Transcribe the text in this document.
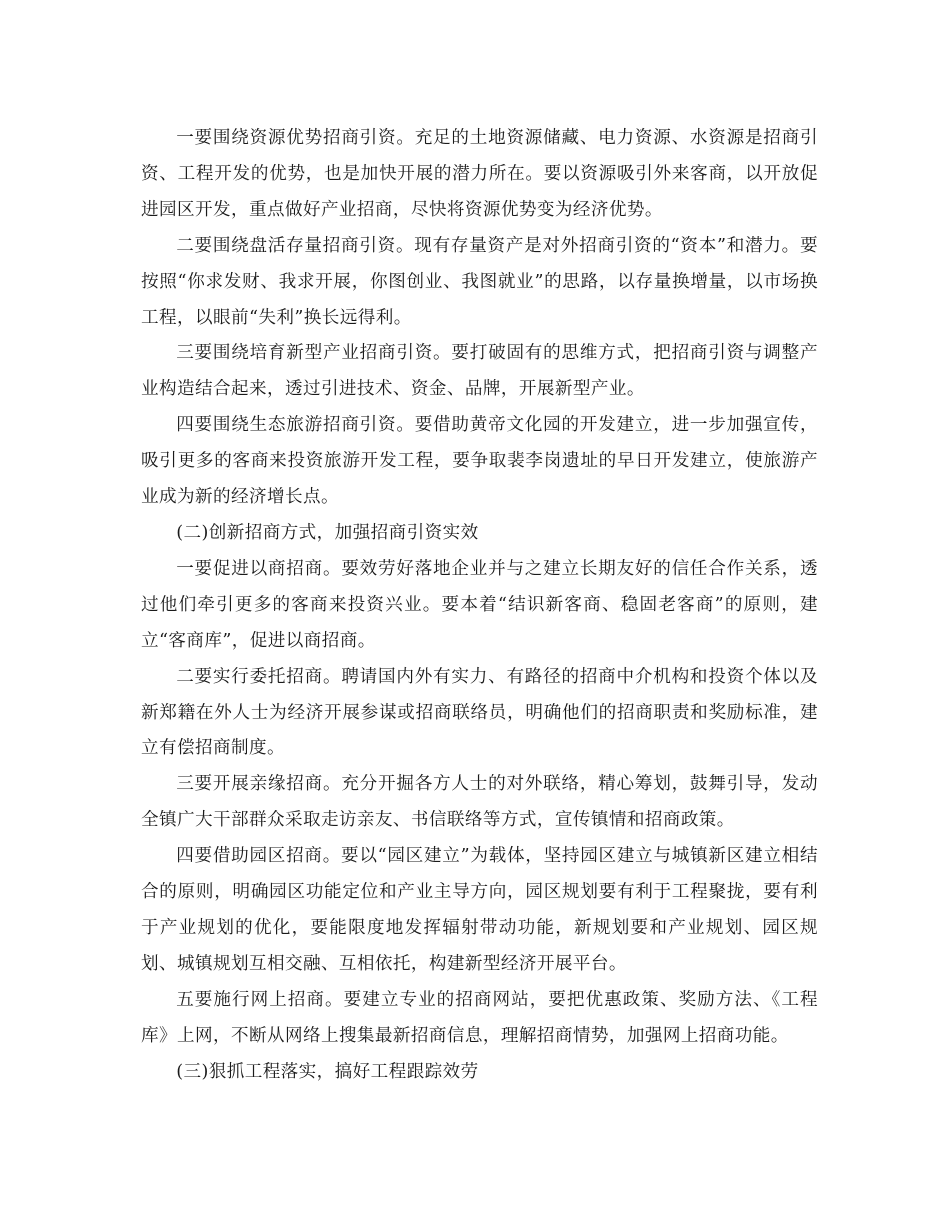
一要围绕资源优势招商引资。充足的土地资源储藏、电力资源、水资源是招商引资、工程开发的优势，也是加快开展的潜力所在。要以资源吸引外来客商，以开放促进园区开发，重点做好产业招商，尽快将资源优势变为经济优势。

二要围绕盘活存量招商引资。现有存量资产是对外招商引资的“资本”和潜力。要按照“你求发财、我求开展，你图创业、我图就业”的思路，以存量换增量，以市场换工程，以眼前“失利”换长远得利。

三要围绕培育新型产业招商引资。要打破固有的思维方式，把招商引资与调整产业构造结合起来，透过引进技术、资金、品牌，开展新型产业。

四要围绕生态旅游招商引资。要借助黄帝文化园的开发建立，进一步加强宣传，吸引更多的客商来投资旅游开发工程，要争取裴李岗遗址的早日开发建立，使旅游产业成为新的经济增长点。

(二)创新招商方式，加强招商引资实效

一要促进以商招商。要效劳好落地企业并与之建立长期友好的信任合作关系，透过他们牵引更多的客商来投资兴业。要本着“结识新客商、稳固老客商”的原则，建立“客商库”，促进以商招商。

二要实行委托招商。聘请国内外有实力、有路径的招商中介机构和投资个体以及新郑籍在外人士为经济开展参谋或招商联络员，明确他们的招商职责和奖励标准，建立有偿招商制度。

三要开展亲缘招商。充分开掘各方人士的对外联络，精心筹划，鼓舞引导，发动全镇广大干部群众采取走访亲友、书信联络等方式，宣传镇情和招商政策。

四要借助园区招商。要以“园区建立”为载体，坚持园区建立与城镇新区建立相结合的原则，明确园区功能定位和产业主导方向，园区规划要有利于工程聚拢，要有利于产业规划的优化，要能限度地发挥辐射带动功能，新规划要和产业规划、园区规划、城镇规划互相交融、互相依托，构建新型经济开展平台。

五要施行网上招商。要建立专业的招商网站，要把优惠政策、奖励方法、《工程库》上网，不断从网络上搜集最新招商信息，理解招商情势，加强网上招商功能。

(三)狠抓工程落实，搞好工程跟踪效劳
